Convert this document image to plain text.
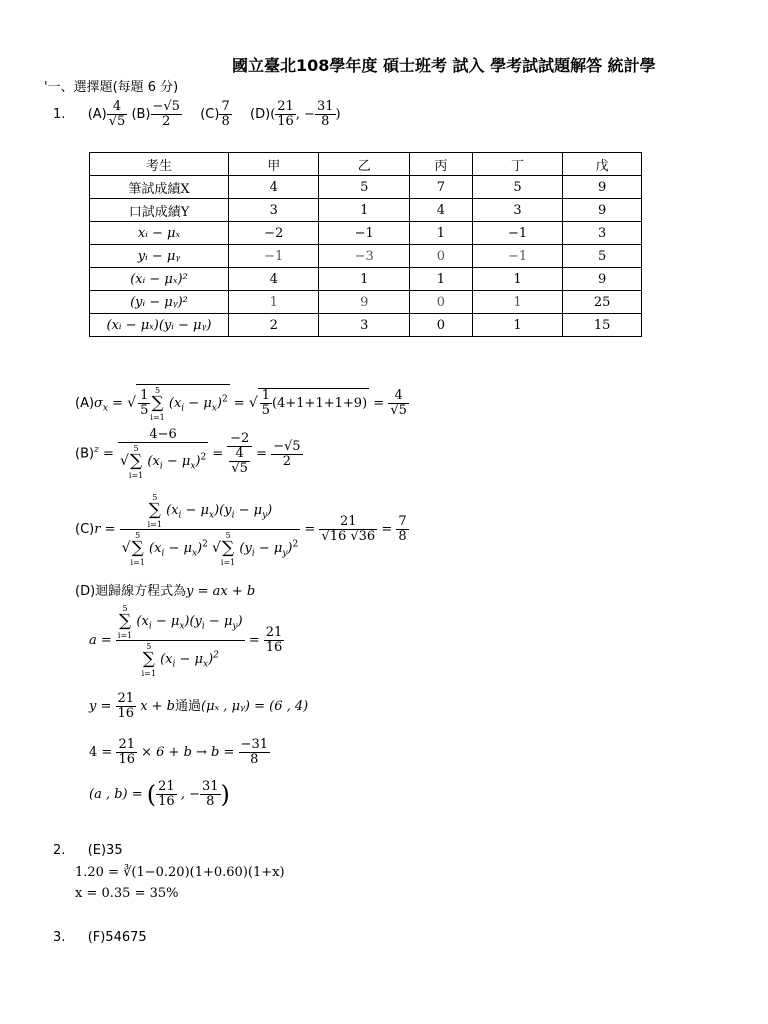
國立臺北108學年度 碩士班考 試入 學考試試題解答 統計學
'一、選擇題(每題 6 分)
1. $(A) \frac{4}{√5} (B) \frac{-√5}{2} (C) \frac{7}{8} (D)( \frac{21}{16}$ , − $\frac{31}{8}$ )
考生	甲	乙	丙	丁	戊
筆試成績X	4	5	7	5	9
口試成績Y	3	1	4	3	9
xᵢ − μₓ	−2	−1	1	−1	3
yᵢ − μᵧ	−1	−3	0	−1	5
(xᵢ − μₓ)²	4	1	1	1	9
(yᵢ − μᵧ)²	1	9	0	1	25
(xᵢ − μₓ)(yᵢ − μᵧ)	2	3	0	1	15
$(A)\sigma_x$ = √ $\frac{1}{5} 5$
∑
i=1 $(x_i - \mu_x)^2$ = √ $\frac{1}{5} (4+1+1+1+9) = \frac{4}{√5}$
$(B)^z$ =
4−6
√5
∑
i=1 $(x_i - \mu_x)^2 = \frac{-2}{\frac{4}{√5}} = \frac{-√5}{2}$
(C)r =
5
∑
i=1 $(x_i - \mu_x)(y_i - \mu_y)$
√5
∑
i=1 $(x_i - \mu_x)^2$ √5
∑
i=1 $(y_i - \mu_y)^2$
= $\frac{21}{√16 √36} = \frac{7}{8}$
(D)迴歸線方程式為y = ax + b
a =
5
∑
i=1 $(x_i - \mu_x)(y_i - \mu_y)$
5
∑
i=1 $(x_i - \mu_x)^2$
= $\frac{21}{16}$
$y = \frac{21}{16}$ x + b通過(μₓ , μᵧ) = (6 , 4)
$4 = \frac{21}{16} \times 6 + b \to b = \frac{-31}{8}$
(a , b) = ( $\frac{21}{16}$ , − $\frac{31}{8}$ )
2. (E)35
1.20 = ∛(1−0.20)(1+0.60)(1+x)
x = 0.35 = 35%
3. (F)54675
